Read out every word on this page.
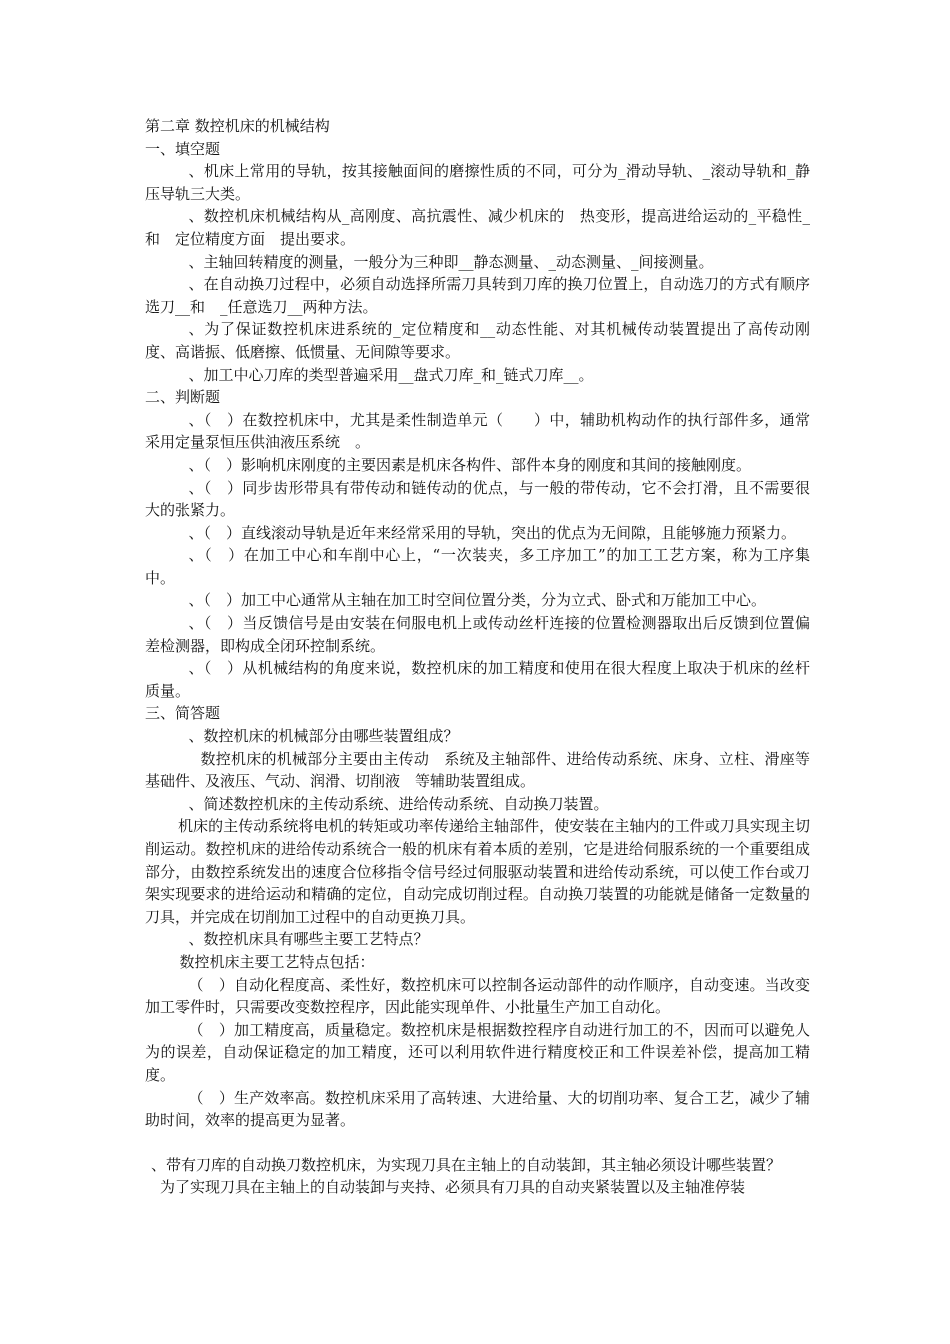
第二章 数控机床的机械结构

一、填空题

、机床上常用的导轨，按其接触面间的磨擦性质的不同，可分为_滑动导轨、_滚动导轨和_静压导轨三大类。

、数控机床机械结构从_高刚度、高抗震性、减少机床的　热变形，提高进给运动的_平稳性_和　定位精度方面　提出要求。

、主轴回转精度的测量，一般分为三种即__静态测量、_动态测量、_间接测量。

、在自动换刀过程中，必须自动选择所需刀具转到刀库的换刀位置上，自动选刀的方式有顺序选刀__和　_任意选刀__两种方法。

、为了保证数控机床进系统的_定位精度和__动态性能、对其机械传动装置提出了高传动刚度、高谐振、低磨擦、低惯量、无间隙等要求。

、加工中心刀库的类型普遍采用__盘式刀库_和_链式刀库__。

二、判断题

、（　）在数控机床中，尤其是柔性制造单元（　　）中，辅助机构动作的执行部件多，通常采用定量泵恒压供油液压系统　。

、（　）影响机床刚度的主要因素是机床各构件、部件本身的刚度和其间的接触刚度。

、（　）同步齿形带具有带传动和链传动的优点，与一般的带传动，它不会打滑，且不需要很大的张紧力。

、（　）直线滚动导轨是近年来经常采用的导轨，突出的优点为无间隙，且能够施力预紧力。

、（　）在加工中心和车削中心上，“一次装夹，多工序加工”的加工工艺方案，称为工序集中。

、（　）加工中心通常从主轴在加工时空间位置分类，分为立式、卧式和万能加工中心。

、（　）当反馈信号是由安装在伺服电机上或传动丝杆连接的位置检测器取出后反馈到位置偏差检测器，即构成全闭环控制系统。

、（　）从机械结构的角度来说，数控机床的加工精度和使用在很大程度上取决于机床的丝杆质量。

三、简答题

、数控机床的机械部分由哪些装置组成？

数控机床的机械部分主要由主传动　系统及主轴部件、进给传动系统、床身、立柱、滑座等基础件、及液压、气动、润滑、切削液　等辅助装置组成。

、简述数控机床的主传动系统、进给传动系统、自动换刀装置。

机床的主传动系统将电机的转矩或功率传递给主轴部件，使安装在主轴内的工件或刀具实现主切削运动。数控机床的进给传动系统合一般的机床有着本质的差别，它是进给伺服系统的一个重要组成部分，由数控系统发出的速度合位移指令信号经过伺服驱动装置和进给传动系统，可以使工作台或刀架实现要求的进给运动和精确的定位，自动完成切削过程。自动换刀装置的功能就是储备一定数量的刀具，并完成在切削加工过程中的自动更换刀具。

、数控机床具有哪些主要工艺特点？

数控机床主要工艺特点包括：

（　）自动化程度高、柔性好，数控机床可以控制各运动部件的动作顺序，自动变速。当改变加工零件时，只需要改变数控程序，因此能实现单件、小批量生产加工自动化。

（　）加工精度高，质量稳定。数控机床是根据数控程序自动进行加工的不，因而可以避免人为的误差，自动保证稳定的加工精度，还可以利用软件进行精度校正和工件误差补偿，提高加工精度。

（　）生产效率高。数控机床采用了高转速、大进给量、大的切削功率、复合工艺，减少了辅助时间，效率的提高更为显著。

、带有刀库的自动换刀数控机床，为实现刀具在主轴上的自动装卸，其主轴必须设计哪些装置？

为了实现刀具在主轴上的自动装卸与夹持、必须具有刀具的自动夹紧装置以及主轴准停装
